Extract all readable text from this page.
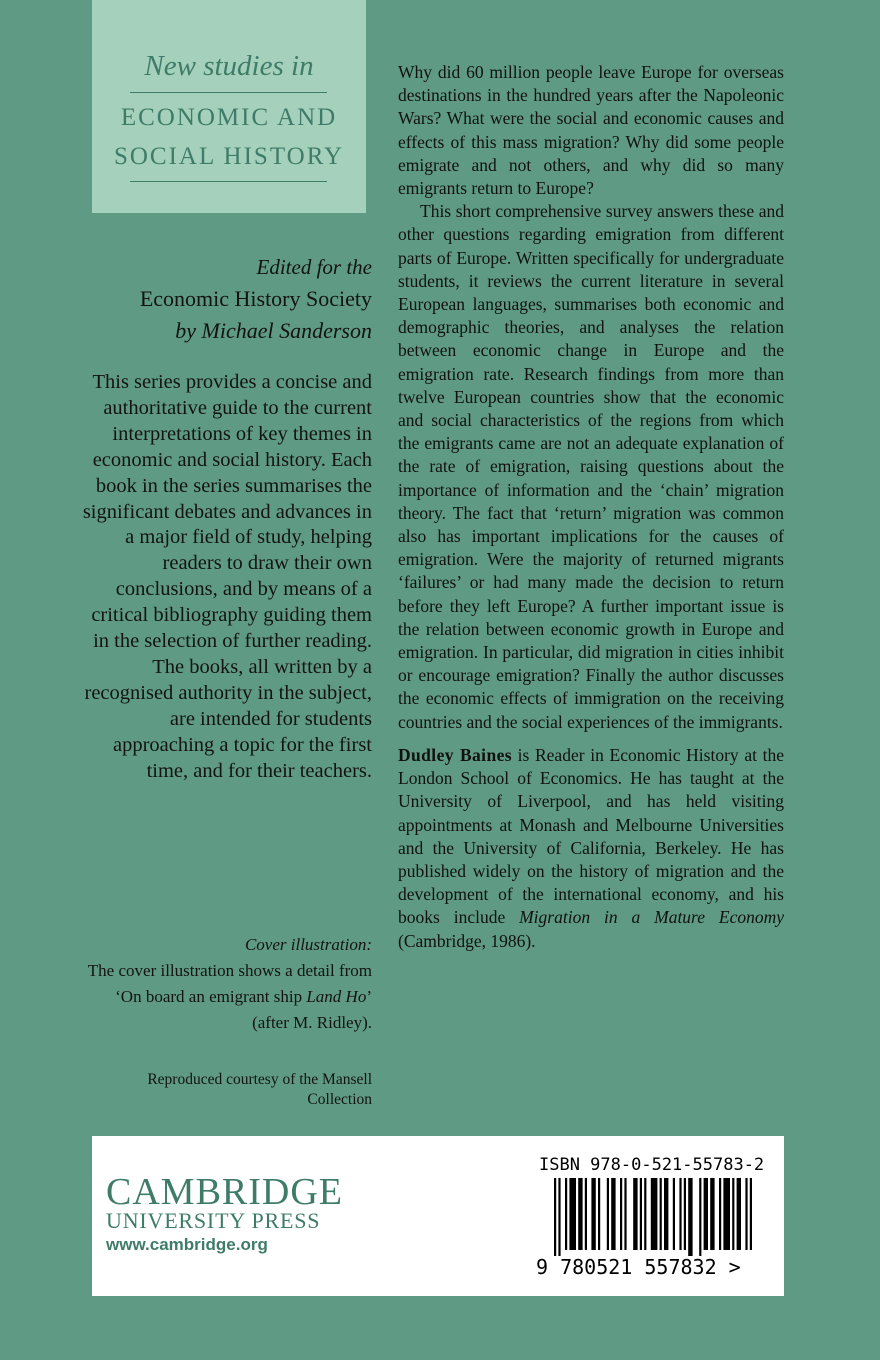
New studies in
ECONOMIC AND
SOCIAL HISTORY
Edited for the
Economic History Society
by Michael Sanderson
This series provides a concise and authoritative guide to the current interpretations of key themes in economic and social history. Each book in the series summarises the significant debates and advances in a major field of study, helping readers to draw their own conclusions, and by means of a critical bibliography guiding them in the selection of further reading. The books, all written by a recognised authority in the subject, are intended for students approaching a topic for the first time, and for their teachers.
Cover illustration:
The cover illustration shows a detail from ‘On board an emigrant ship Land Ho’ (after M. Ridley).
Reproduced courtesy of the Mansell Collection

Why did 60 million people leave Europe for overseas destinations in the hundred years after the Napoleonic Wars? What were the social and economic causes and effects of this mass migration? Why did some people emigrate and not others, and why did so many emigrants return to Europe?

This short comprehensive survey answers these and other questions regarding emigration from different parts of Europe. Written specifically for undergraduate students, it reviews the current literature in several European languages, summarises both economic and demographic theories, and analyses the relation between economic change in Europe and the emigration rate. Research findings from more than twelve European countries show that the economic and social characteristics of the regions from which the emigrants came are not an adequate explanation of the rate of emigration, raising questions about the importance of information and the ‘chain’ migration theory. The fact that ‘return’ migration was common also has important implications for the causes of emigration. Were the majority of returned migrants ‘failures’ or had many made the decision to return before they left Europe? A further important issue is the relation between economic growth in Europe and emigration. In particular, did migration in cities inhibit or encourage emigration? Finally the author discusses the economic effects of immigration on the receiving countries and the social experiences of the immigrants.

Dudley Baines is Reader in Economic History at the London School of Economics. He has taught at the University of Liverpool, and has held visiting appointments at Monash and Melbourne Universities and the University of California, Berkeley. He has published widely on the history of migration and the development of the international economy, and his books include Migration in a Mature Economy (Cambridge, 1986).

CAMBRIDGE
UNIVERSITY PRESS
www.cambridge.org
ISBN 978-0-521-55783-2
9 780521 557832 >
